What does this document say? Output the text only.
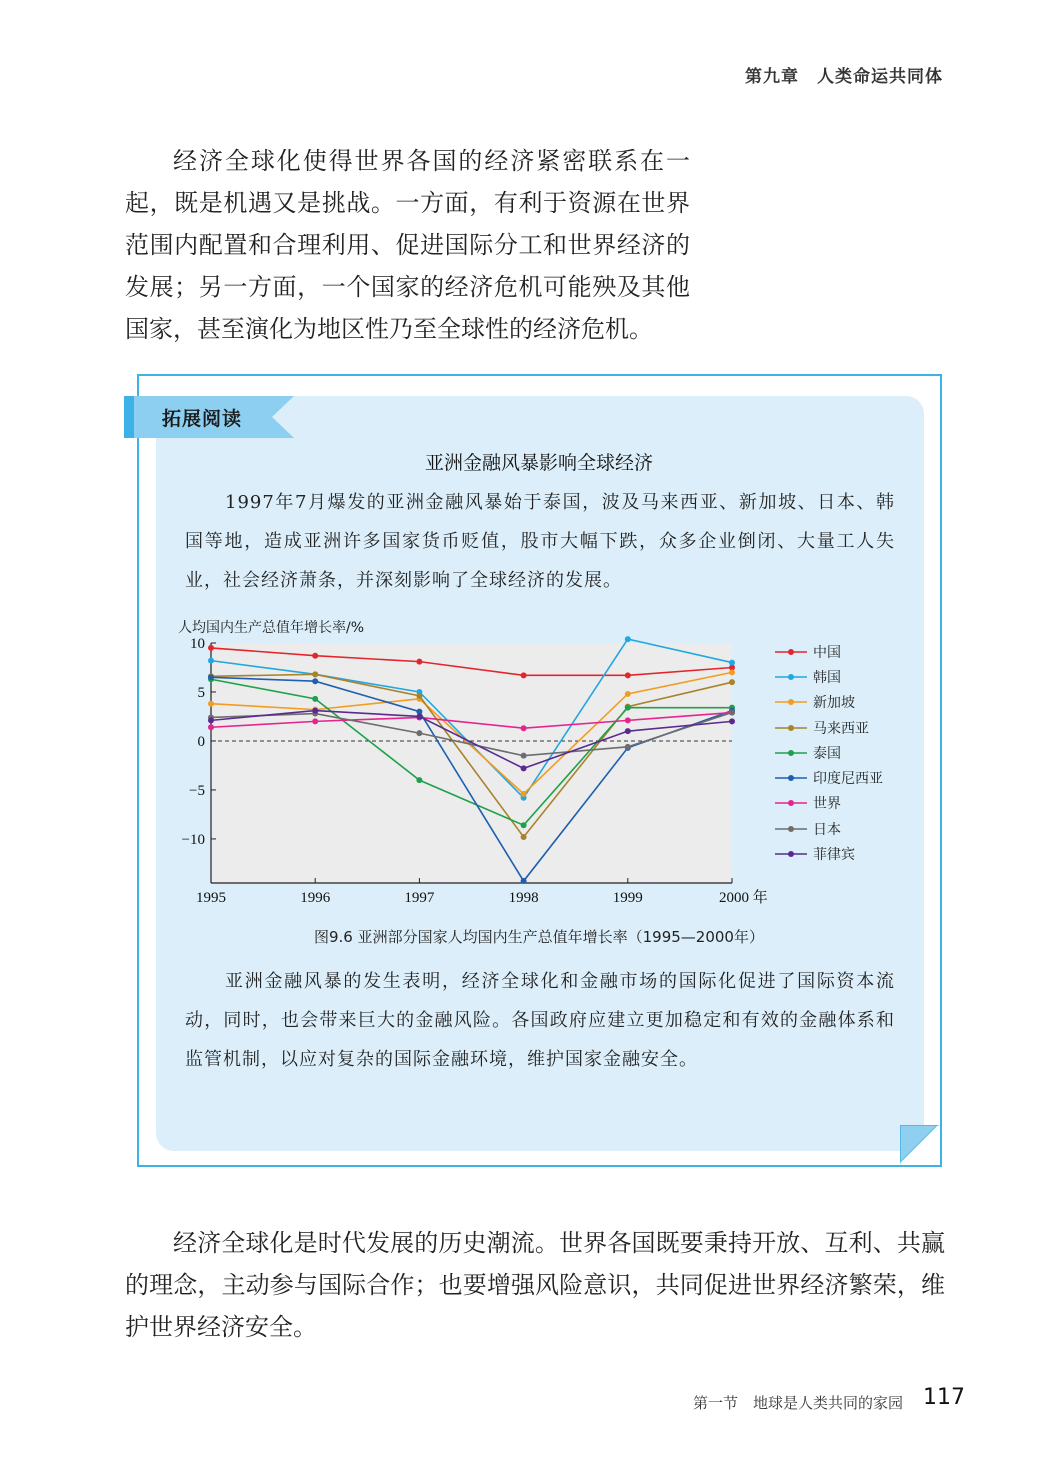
第九章　人类命运共同体

经济全球化使得世界各国的经济紧密联系在一起，既是机遇又是挑战。一方面，有利于资源在世界范围内配置和合理利用、促进国际分工和世界经济的发展；另一方面，一个国家的经济危机可能殃及其他国家，甚至演化为地区性乃至全球性的经济危机。

拓展阅读
亚洲金融风暴影响全球经济

1997年7月爆发的亚洲金融风暴始于泰国，波及马来西亚、新加坡、日本、韩国等地，造成亚洲许多国家货币贬值，股市大幅下跌，众多企业倒闭、大量工人失业，社会经济萧条，并深刻影响了全球经济的发展。

人均国内生产总值年增长率/%
10
5
0
−5
−10
1995	1996	1997	1998	1999	2000 年
中国
韩国
新加坡
马来西亚
泰国
印度尼西亚
世界
日本
菲律宾
图9.6 亚洲部分国家人均国内生产总值年增长率（1995—2000年）

亚洲金融风暴的发生表明，经济全球化和金融市场的国际化促进了国际资本流动，同时，也会带来巨大的金融风险。各国政府应建立更加稳定和有效的金融体系和监管机制，以应对复杂的国际金融环境，维护国家金融安全。

经济全球化是时代发展的历史潮流。世界各国既要秉持开放、互利、共赢的理念，主动参与国际合作；也要增强风险意识，共同促进世界经济繁荣，维护世界经济安全。

第一节　地球是人类共同的家园 117
